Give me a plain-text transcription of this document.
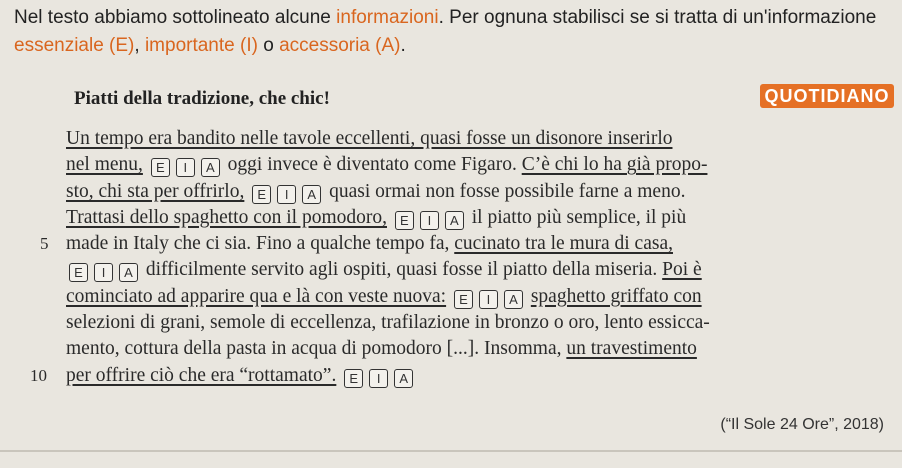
Nel testo abbiamo sottolineato alcune informazioni. Per ognuna stabilisci se si tratta di un'informazione essenziale (E), importante (I) o accessoria (A).
Piatti della tradizione, che chic!	QUOTIDIANO
Un tempo era bandito nelle tavole eccellenti, quasi fosse un disonore inserirlo
nel menu, E I A oggi invece è diventato come Figaro. C’è chi lo ha già propo-
sto, chi sta per offrirlo, E I A quasi ormai non fosse possibile farne a meno.
Trattasi dello spaghetto con il pomodoro, E I A il piatto più semplice, il più
5 made in Italy che ci sia. Fino a qualche tempo fa, cucinato tra le mura di casa,
E I A difficilmente servito agli ospiti, quasi fosse il piatto della miseria. Poi è
cominciato ad apparire qua e là con veste nuova: E I A spaghetto griffato con
selezioni di grani, semole di eccellenza, trafilazione in bronzo o oro, lento essicca-
mento, cottura della pasta in acqua di pomodoro [...]. Insomma, un travestimento
10 per offrire ciò che era “rottamato”. E I A
(“Il Sole 24 Ore”, 2018)
